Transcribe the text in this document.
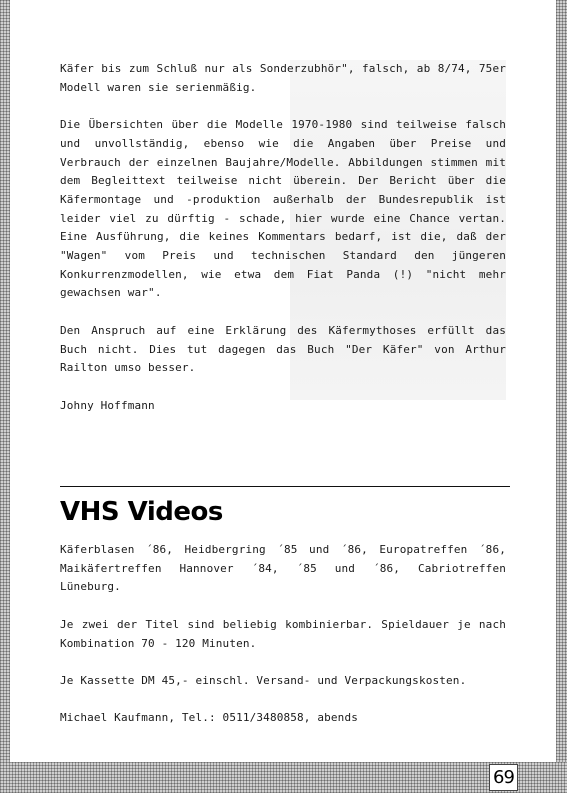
Käfer bis zum Schluß nur als Sonderzubhör", falsch, ab 8/74, 75er Modell waren sie serienmäßig.

Die Übersichten über die Modelle 1970-1980 sind teilweise falsch und unvollständig, ebenso wie die Angaben über Preise und Verbrauch der einzelnen Baujahre/Modelle. Abbildungen stimmen mit dem Begleittext teilweise nicht überein. Der Bericht über die Käfermontage und -produktion außerhalb der Bundesrepublik ist leider viel zu dürftig - schade, hier wurde eine Chance vertan. Eine Ausführung, die keines Kommentars bedarf, ist die, daß der "Wagen" vom Preis und technischen Standard den jüngeren Konkurrenzmodellen, wie etwa dem Fiat Panda (!) "nicht mehr gewachsen war".

Den Anspruch auf eine Erklärung des Käfermythoses erfüllt das Buch nicht. Dies tut dagegen das Buch "Der Käfer" von Arthur Railton umso besser.

Johny Hoffmann

VHS Videos

Käferblasen ´86, Heidbergring ´85 und ´86, Europatreffen ´86, Maikäfertreffen Hannover ´84, ´85 und ´86, Cabriotreffen Lüneburg.

Je zwei der Titel sind beliebig kombinierbar. Spieldauer je nach Kombination 70 - 120 Minuten.

Je Kassette DM 45,- einschl. Versand- und Verpackungskosten.

Michael Kaufmann, Tel.: 0511/3480858, abends

69
